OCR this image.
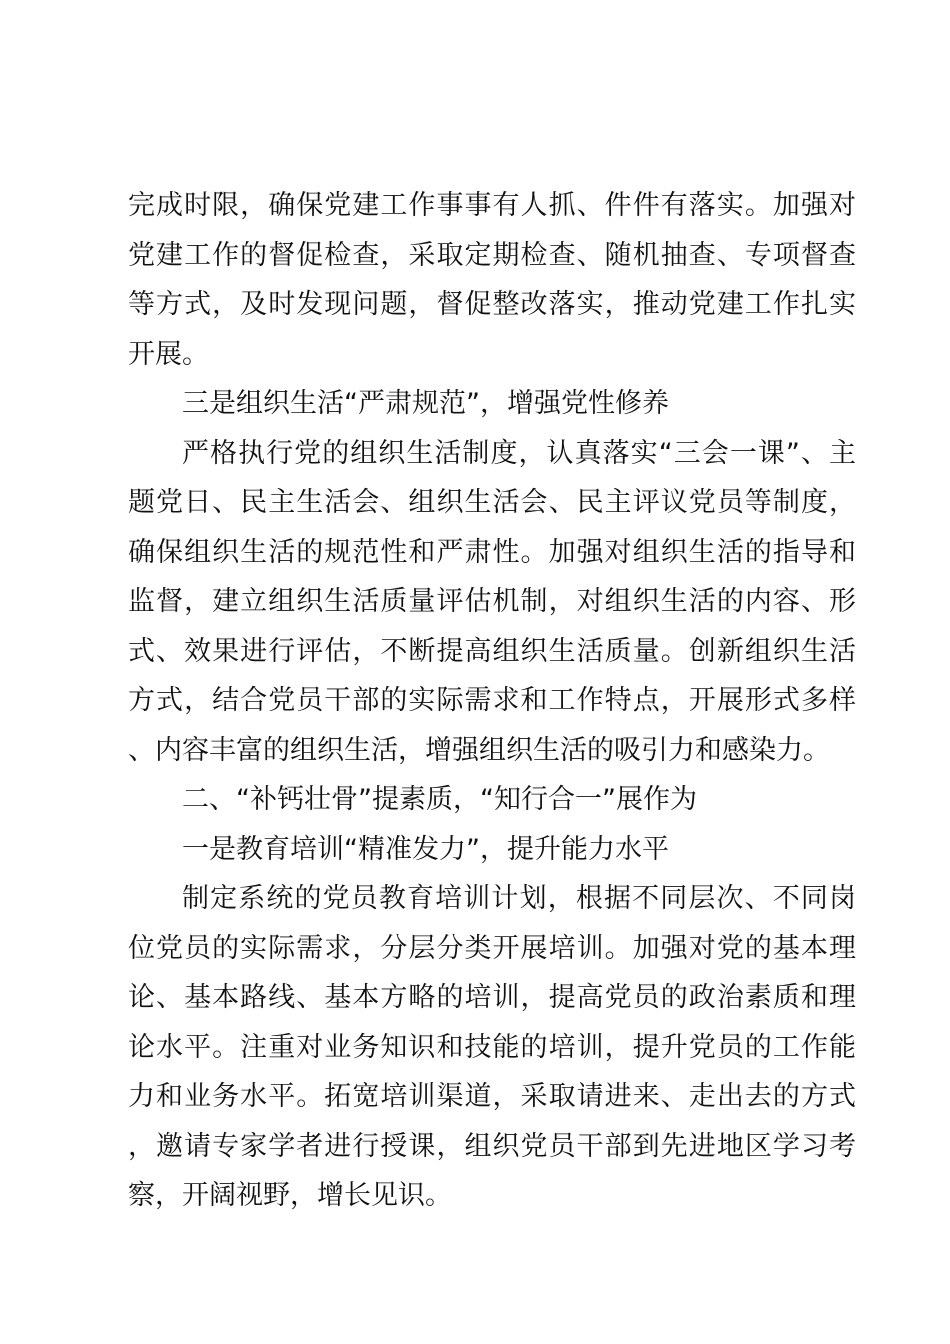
完成时限，确保党建工作事事有人抓、件件有落实。加强对党建工作的督促检查，采取定期检查、随机抽查、专项督查等方式，及时发现问题，督促整改落实，推动党建工作扎实开展。

三是组织生活“严肃规范”，增强党性修养

严格执行党的组织生活制度，认真落实“三会一课”、主题党日、民主生活会、组织生活会、民主评议党员等制度，确保组织生活的规范性和严肃性。加强对组织生活的指导和监督，建立组织生活质量评估机制，对组织生活的内容、形式、效果进行评估，不断提高组织生活质量。创新组织生活方式，结合党员干部的实际需求和工作特点，开展形式多样、内容丰富的组织生活，增强组织生活的吸引力和感染力。

二、“补钙壮骨”提素质，“知行合一”展作为

一是教育培训“精准发力”，提升能力水平

制定系统的党员教育培训计划，根据不同层次、不同岗位党员的实际需求，分层分类开展培训。加强对党的基本理论、基本路线、基本方略的培训，提高党员的政治素质和理论水平。注重对业务知识和技能的培训，提升党员的工作能力和业务水平。拓宽培训渠道，采取请进来、走出去的方式，邀请专家学者进行授课，组织党员干部到先进地区学习考察，开阔视野，增长见识。
